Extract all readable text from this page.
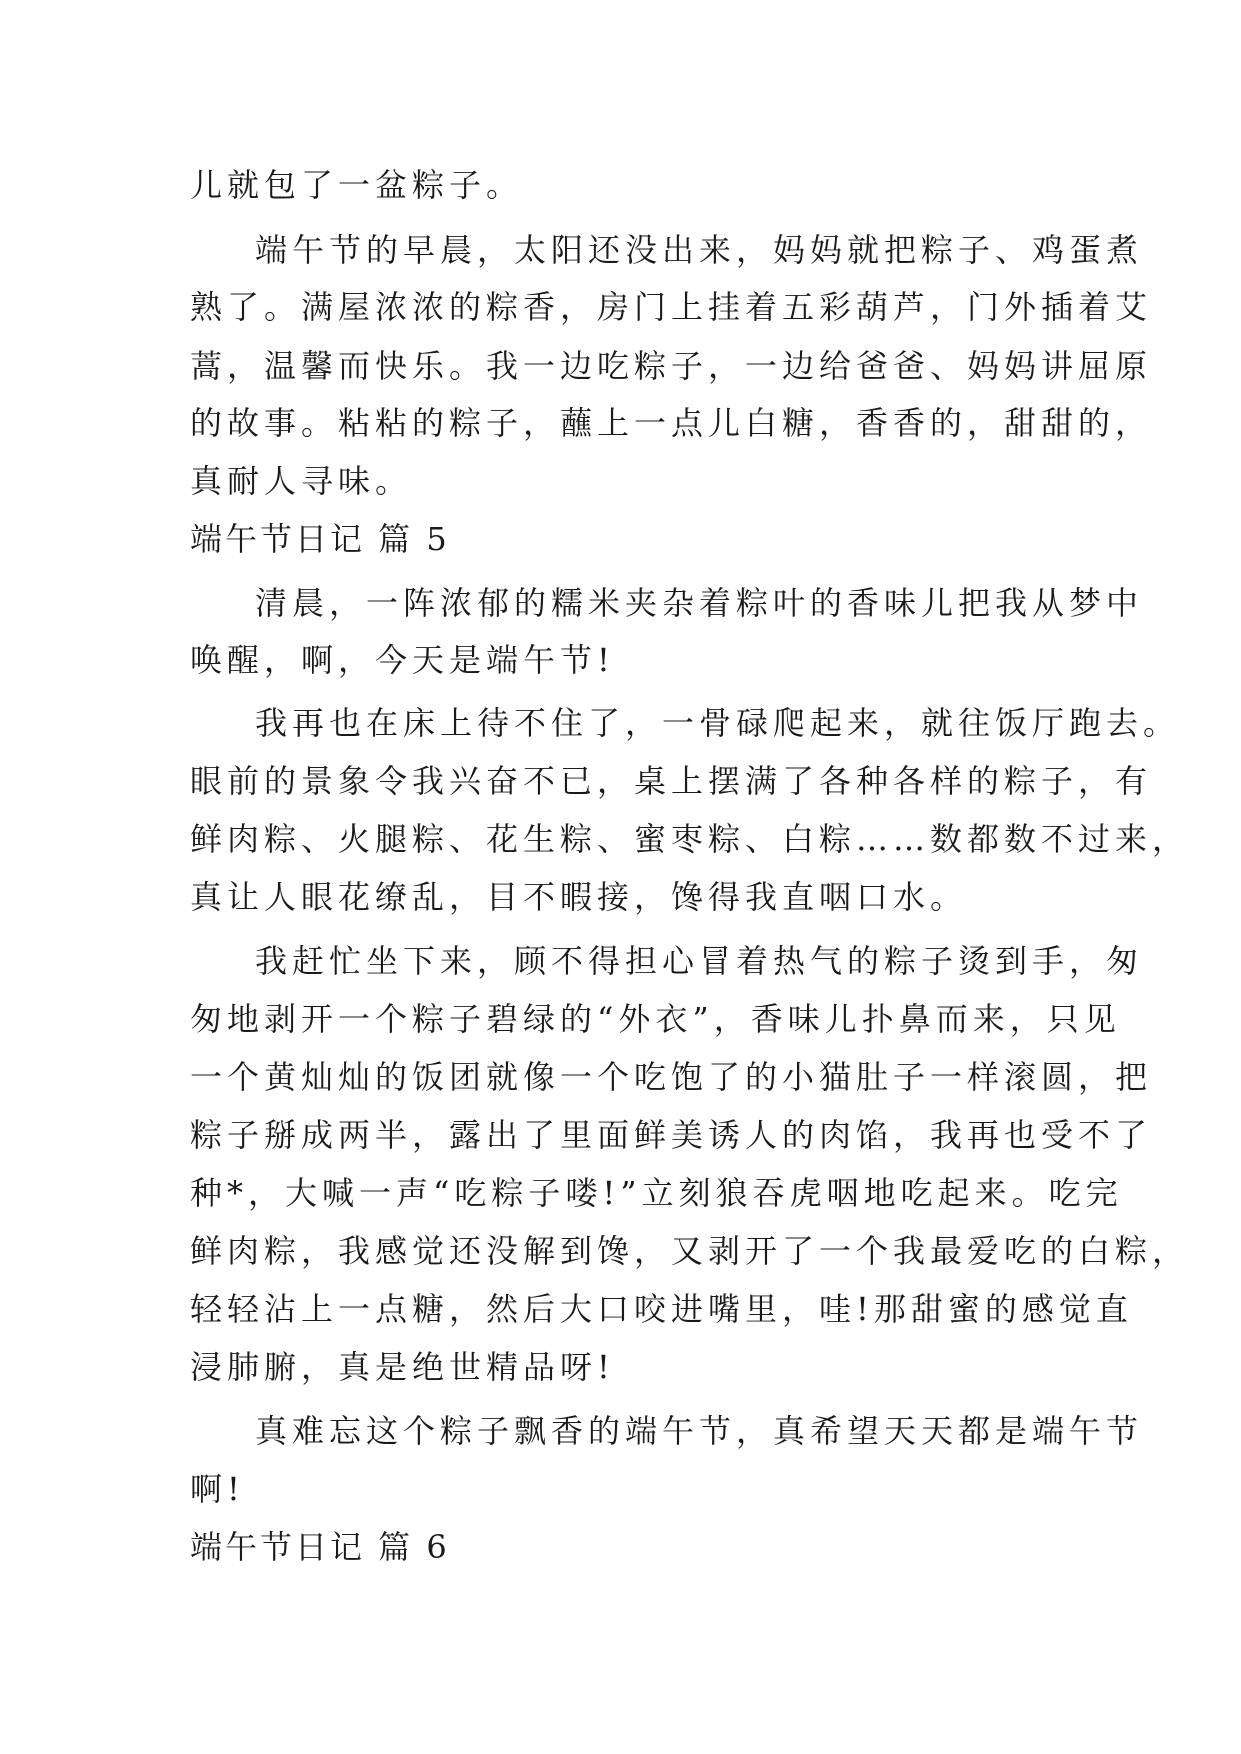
儿就包了一盆粽子。
端午节的早晨，太阳还没出来，妈妈就把粽子、鸡蛋煮
熟了。满屋浓浓的粽香，房门上挂着五彩葫芦，门外插着艾
蒿，温馨而快乐。我一边吃粽子，一边给爸爸、妈妈讲屈原
的故事。粘粘的粽子，蘸上一点儿白糖，香香的，甜甜的，
真耐人寻味。
端午节日记 篇 5
清晨，一阵浓郁的糯米夹杂着粽叶的香味儿把我从梦中
唤醒，啊，今天是端午节!
我再也在床上待不住了，一骨碌爬起来，就往饭厅跑去。
眼前的景象令我兴奋不已，桌上摆满了各种各样的粽子，有
鲜肉粽、火腿粽、花生粽、蜜枣粽、白粽……数都数不过来，
真让人眼花缭乱，目不暇接，馋得我直咽口水。
我赶忙坐下来，顾不得担心冒着热气的粽子烫到手，匆
匆地剥开一个粽子碧绿的“外衣”，香味儿扑鼻而来，只见
一个黄灿灿的饭团就像一个吃饱了的小猫肚子一样滚圆，把
粽子掰成两半，露出了里面鲜美诱人的肉馅，我再也受不了
种*，大喊一声“吃粽子喽!”立刻狼吞虎咽地吃起来。吃完
鲜肉粽，我感觉还没解到馋，又剥开了一个我最爱吃的白粽，
轻轻沾上一点糖，然后大口咬进嘴里，哇!那甜蜜的感觉直
浸肺腑，真是绝世精品呀!
真难忘这个粽子飘香的端午节，真希望天天都是端午节
啊!
端午节日记 篇 6
